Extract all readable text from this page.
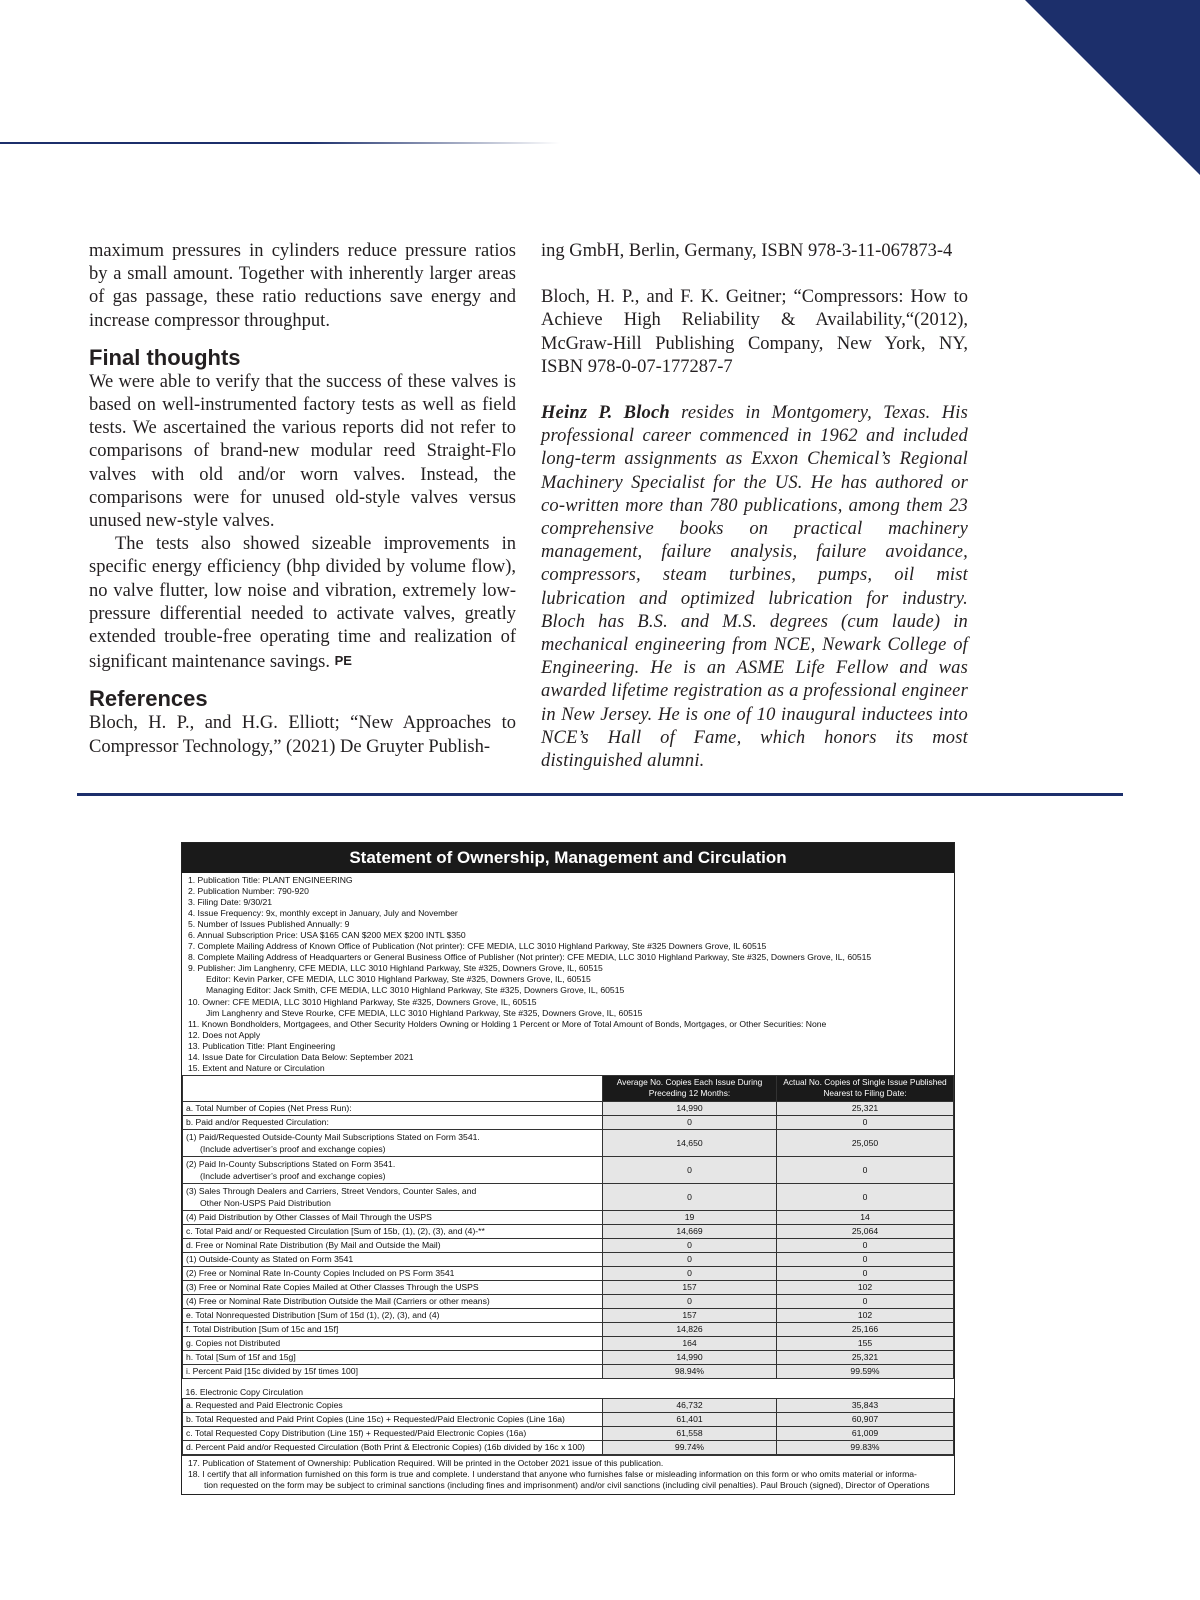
maximum pressures in cylinders reduce pressure ratios by a small amount. Together with inherently larger areas of gas passage, these ratio reductions save energy and increase compressor throughput.

Final thoughts

We were able to verify that the success of these valves is based on well-instrumented factory tests as well as field tests. We ascertained the various reports did not refer to comparisons of brand-new modular reed Straight-Flo valves with old and/or worn valves. Instead, the comparisons were for unused old-style valves versus unused new-style valves.

The tests also showed sizeable improvements in specific energy efficiency (bhp divided by volume flow), no valve flutter, low noise and vibration, extremely low-pressure differential needed to activate valves, greatly extended trouble-free operating time and realization of significant maintenance savings. PE

References

Bloch, H. P., and H.G. Elliott; “New Approaches to Compressor Technology,” (2021) De Gruyter Publish-

ing GmbH, Berlin, Germany, ISBN 978-3-11-067873-4

Bloch, H. P., and F. K. Geitner; “Compressors: How to Achieve High Reliability & Availability,“(2012), McGraw-Hill Publishing Company, New York, NY, ISBN 978-0-07-177287-7

Heinz P. Bloch resides in Montgomery, Texas. His professional career commenced in 1962 and included long-term assignments as Exxon Chemical’s Regional Machinery Specialist for the US. He has authored or co-written more than 780 publications, among them 23 comprehensive books on practical machinery management, failure analysis, failure avoidance, compressors, steam turbines, pumps, oil mist lubrication and optimized lubrication for industry. Bloch has B.S. and M.S. degrees (cum laude) in mechanical engineering from NCE, Newark College of Engineering. He is an ASME Life Fellow and was awarded lifetime registration as a professional engineer in New Jersey. He is one of 10 inaugural inductees into NCE’s Hall of Fame, which honors its most distinguished alumni.

Statement of Ownership, Management and Circulation
1. Publication Title: PLANT ENGINEERING
2. Publication Number: 790-920
3. Filing Date: 9/30/21
4. Issue Frequency: 9x, monthly except in January, July and November
5. Number of Issues Published Annually: 9
6. Annual Subscription Price: USA $165 CAN $200 MEX $200 INTL $350
7. Complete Mailing Address of Known Office of Publication (Not printer): CFE MEDIA, LLC 3010 Highland Parkway, Ste #325 Downers Grove, IL 60515
8. Complete Mailing Address of Headquarters or General Business Office of Publisher (Not printer): CFE MEDIA, LLC 3010 Highland Parkway, Ste #325, Downers Grove, IL, 60515
9. Publisher: Jim Langhenry, CFE MEDIA, LLC 3010 Highland Parkway, Ste #325, Downers Grove, IL, 60515
Editor: Kevin Parker, CFE MEDIA, LLC 3010 Highland Parkway, Ste #325, Downers Grove, IL, 60515
Managing Editor: Jack Smith, CFE MEDIA, LLC 3010 Highland Parkway, Ste #325, Downers Grove, IL, 60515
10. Owner: CFE MEDIA, LLC 3010 Highland Parkway, Ste #325, Downers Grove, IL, 60515
Jim Langhenry and Steve Rourke, CFE MEDIA, LLC 3010 Highland Parkway, Ste #325, Downers Grove, IL, 60515
11. Known Bondholders, Mortgagees, and Other Security Holders Owning or Holding 1 Percent or More of Total Amount of Bonds, Mortgages, or Other Securities: None
12. Does not Apply
13. Publication Title: Plant Engineering
14. Issue Date for Circulation Data Below: September 2021
15. Extent and Nature or Circulation
	Average No. Copies Each Issue During Preceding 12 Months:	Actual No. Copies of Single Issue Published Nearest to Filing Date:
a. Total Number of Copies (Net Press Run):	14,990	25,321
b. Paid and/or Requested Circulation:	0	0

(1) Paid/Requested Outside-County Mail Subscriptions Stated on Form 3541.
(Include advertiser’s proof and exchange copies)	14,650	25,050

(2) Paid In-County Subscriptions Stated on Form 3541.
(Include advertiser’s proof and exchange copies)	0	0

(3) Sales Through Dealers and Carriers, Street Vendors, Counter Sales, and
Other Non-USPS Paid Distribution	0	0
(4) Paid Distribution by Other Classes of Mail Through the USPS	19	14
c. Total Paid and/ or Requested Circulation [Sum of 15b, (1), (2), (3), and (4)-**	14,669	25,064
d. Free or Nominal Rate Distribution (By Mail and Outside the Mail)	0	0
(1) Outside-County as Stated on Form 3541	0	0
(2) Free or Nominal Rate In-County Copies Included on PS Form 3541	0	0
(3) Free or Nominal Rate Copies Mailed at Other Classes Through the USPS	157	102
(4) Free or Nominal Rate Distribution Outside the Mail (Carriers or other means)	0	0
e. Total Nonrequested Distribution [Sum of 15d (1), (2), (3), and (4)	157	102
f. Total Distribution [Sum of 15c and 15f]	14,826	25,166
g. Copies not Distributed	164	155
h. Total [Sum of 15f and 15g]	14,990	25,321
i. Percent Paid [15c divided by 15f times 100]	98.94%	99.59%
16. Electronic Copy Circulation		
a. Requested and Paid Electronic Copies	46,732	35,843
b. Total Requested and Paid Print Copies (Line 15c) + Requested/Paid Electronic Copies (Line 16a)	61,401	60,907
c. Total Requested Copy Distribution (Line 15f) + Requested/Paid Electronic Copies (16a)	61,558	61,009
d. Percent Paid and/or Requested Circulation (Both Print & Electronic Copies) (16b divided by 16c x 100)	99.74%	99.83%
17. Publication of Statement of Ownership: Publication Required. Will be printed in the October 2021 issue of this publication.
18. I certify that all information furnished on this form is true and complete. I understand that anyone who furnishes false or misleading information on this form or who omits material or informa-
tion requested on the form may be subject to criminal sanctions (including fines and imprisonment) and/or civil sanctions (including civil penalties). Paul Brouch (signed), Director of Operations
